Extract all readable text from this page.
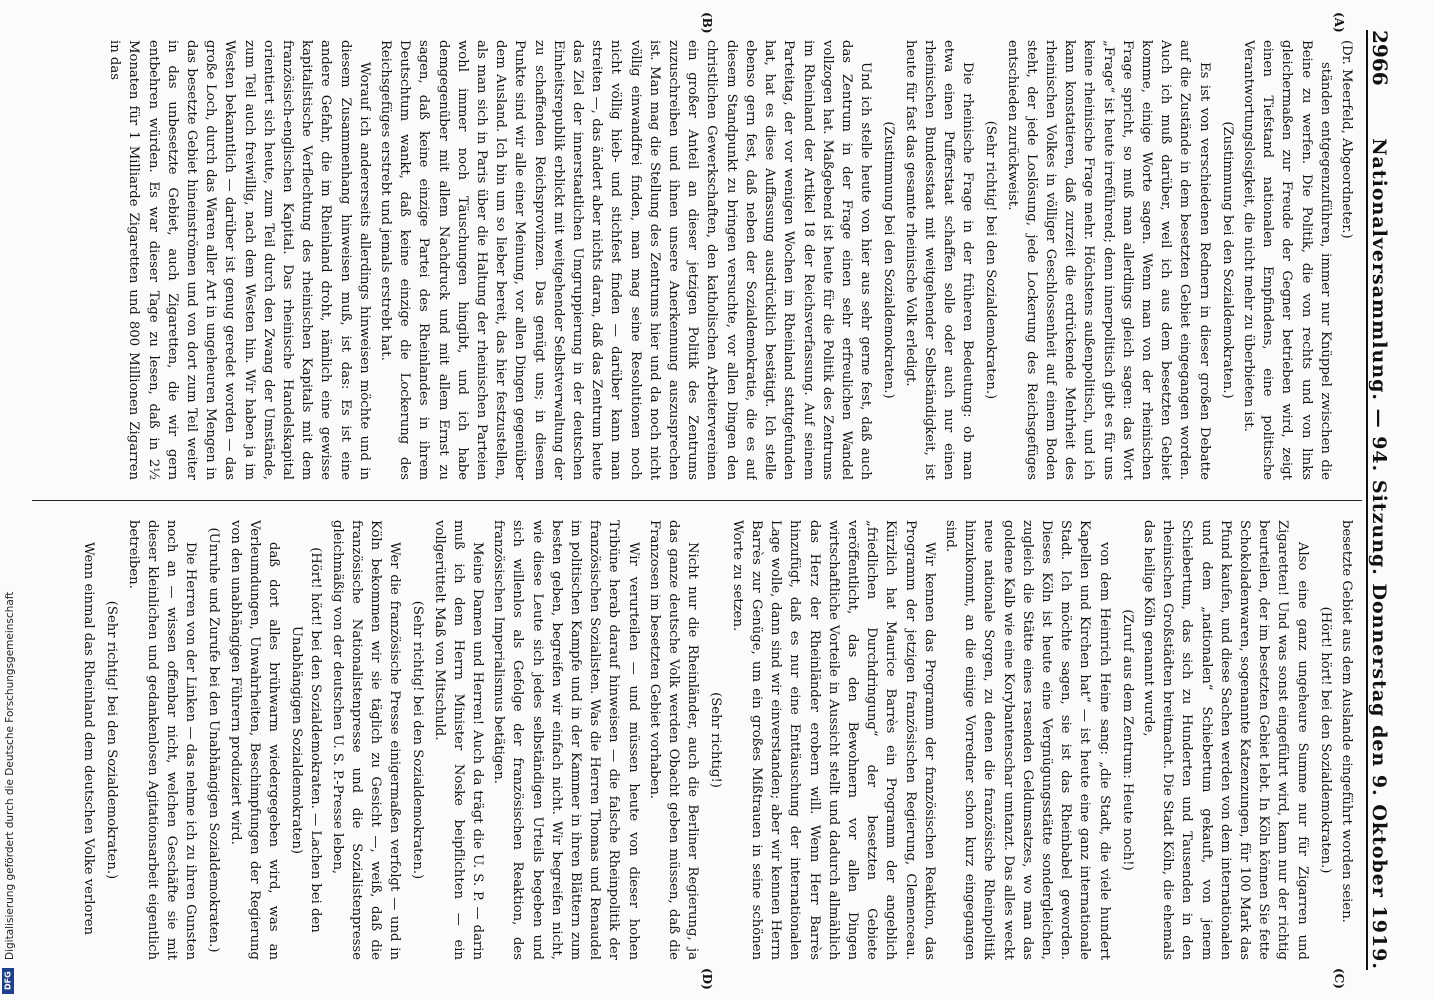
2966
Nationalversammlung. — 94. Sitzung. Donnerstag den 9. Oktober 1919.
(A)
(B)
(C)
(D)

(Dr. Meerfeld, Abgeordneter.)

ständen entgegenzuführen, immer nur Knüppel zwischen die Beine zu werfen. Die Politik, die von rechts und von links gleichermaßen zur Freude der Gegner betrieben wird, zeigt einen Tiefstand nationalen Empfindens, eine politische Verantwortungslosigkeit, die nicht mehr zu überbieten ist.

(Zustimmung bei den Sozialdemokraten.)

Es ist von verschiedenen Rednern in dieser großen Debatte auf die Zustände in dem besetzten Gebiet eingegangen worden. Auch ich muß darüber, weil ich aus dem besetzten Gebiet komme, einige Worte sagen. Wenn man von der rheinischen Frage spricht, so muß man allerdings gleich sagen: das Wort „Frage“ ist heute irreführend; denn innerpolitisch gibt es für uns keine rheinische Frage mehr. Höchstens außenpolitisch, und ich kann konstatieren, daß zurzeit die erdrückende Mehrheit des rheinischen Volkes in völliger Geschlossenheit auf einem Boden steht, der jede Loslösung, jede Lockerung des Reichsgefüges entschieden zurückweist.

(Sehr richtig! bei den Sozialdemokraten.)

Die rheinische Frage in der früheren Bedeutung: ob man etwa einen Pufferstaat schaffen solle oder auch nur einen rheinischen Bundesstaat mit weitgehender Selbständigkeit, ist heute für fast das gesamte rheinische Volk erledigt.

(Zustimmung bei den Sozialdemokraten.)

Und ich stelle heute von hier aus sehr gerne fest, daß auch das Zentrum in der Frage einen sehr erfreulichen Wandel vollzogen hat. Maßgebend ist heute für die Politik des Zentrums im Rheinland der Artikel 18 der Reichsverfassung. Auf seinem Parteitag, der vor wenigen Wochen im Rheinland stattgefunden hat, hat es diese Auffassung ausdrücklich bestätigt. Ich stelle ebenso gern fest, daß neben der Sozialdemokratie, die es auf diesem Standpunkt zu bringen versuchte, vor allen Dingen den christlichen Gewerkschaften, den katholischen Arbeitervereinen ein großer Anteil an dieser jetzigen Politik des Zentrums zuzuschreiben und ihnen unsere Anerkennung auszusprechen ist. Man mag die Stellung des Zentrums hier und da noch nicht völlig einwandfrei finden, man mag seine Resolutionen noch nicht völlig hieb- und stichfest finden — darüber kann man streiten —, das ändert aber nichts daran, daß das Zentrum heute das Ziel der innerstaatlichen Umgruppierung in der deutschen Einheitsrepublik erblickt mit weitgehender Selbstverwaltung der zu schaffenden Reichsprovinzen. Das genügt uns; in diesem Punkte sind wir alle einer Meinung, vor allen Dingen gegenüber dem Ausland. Ich bin um so lieber bereit, das hier festzustellen, als man sich in Paris über die Haltung der rheinischen Parteien wohl immer noch Täuschungen hingibt, und ich habe demgegenüber mit allem Nachdruck und mit allem Ernst zu sagen, daß keine einzige Partei des Rheinlandes in ihrem Deutschtum wankt, daß keine einzige die Lockerung des Reichsgefüges erstrebt und jemals erstrebt hat.

Worauf ich andererseits allerdings hinweisen möchte und in diesem Zusammenhang hinweisen muß, ist das: Es ist eine andere Gefahr, die im Rheinland droht, nämlich eine gewisse kapitalistische Verflechtung des rheinischen Kapitals mit dem französisch-englischen Kapital. Das rheinische Handelskapital orientiert sich heute, zum Teil durch den Zwang der Umstände, zum Teil auch freiwillig, nach dem Westen hin. Wir haben ja im Westen bekanntlich — darüber ist genug geredet worden — das große Loch, durch das Waren aller Art in ungeheuren Mengen in das besetzte Gebiet hineinströmen und von dort zum Teil weiter in das unbesetzte Gebiet, auch Zigaretten, die wir gern entbehren würden. Es war dieser Tage zu lesen, daß in 2½ Monaten für 1 Milliarde Zigaretten und 800 Millionen Zigarren in das

besetzte Gebiet aus dem Auslande eingeführt worden seien.

(Hört! hört! bei den Sozialdemokraten.)

Also eine ganz ungeheure Summe nur für Zigarren und Zigaretten! Und was sonst eingeführt wird, kann nur der richtig beurteilen, der im besetzten Gebiet lebt. In Köln können Sie fette Schokoladenwaren, sogenannte Katzenzungen, für 100 Mark das Pfund kaufen, und diese Sachen werden von dem internationalen und dem „nationalen“ Schiebertum gekauft, von jenem Schiebertum, das sich zu Hunderten und Tausenden in den rheinischen Großstädten breitmacht. Die Stadt Köln, die ehemals das heilige Köln genannt wurde,

(Zuruf aus dem Zentrum: Heute noch!)

von dem Heinrich Heine sang: „die Stadt, die viele hundert Kapellen und Kirchen hat“ — ist heute eine ganz internationale Stadt. Ich möchte sagen, sie ist das Rheinbabel geworden. Dieses Köln ist heute eine Vergnügungsstätte sondergleichen, zugleich die Stätte eines rasenden Geldumsatzes, wo man das goldene Kalb wie eine Korybantenschar umtanzt. Das alles weckt neue nationale Sorgen, zu denen die französische Rheinpolitik hinzukommt, an die einige Vorredner schon kurz eingegangen sind.

Wir kennen das Programm der französischen Reaktion, das Programm der jetzigen französischen Regierung, Clemenceau. Kürzlich hat Maurice Barrès ein Programm der angeblich „friedlichen Durchdringung“ der besetzten Gebiete veröffentlicht, das den Bewohnern vor allen Dingen wirtschaftliche Vorteile in Aussicht stellt und dadurch allmählich das Herz der Rheinländer erobern will. Wenn Herr Barrès hinzufügt, daß es nur eine Enttäuschung der internationalen Lage wolle, dann sind wir einverstanden; aber wir kennen Herrn Barrès zur Genüge, um ein großes Mißtrauen in seine schönen Worte zu setzen.

(Sehr richtig!)

Nicht nur die Rheinländer, auch die Berliner Regierung, ja das ganze deutsche Volk werden Obacht geben müssen, daß die Franzosen im besetzten Gebiet vorhaben.

Wir verurteilen — und müssen heute von dieser hohen Tribüne herab darauf hinweisen — die falsche Rheinpolitik der französischen Sozialisten. Was die Herren Thomas und Renaudel im politischen Kampfe und in der Kammer in ihren Blättern zum besten geben, begreifen wir einfach nicht. Wir begreifen nicht, wie diese Leute sich jedes selbständigen Urteils begeben und sich willenlos als Gefolge der französischen Reaktion, des französischen Imperialismus betätigen.

Meine Damen und Herren! Auch da trägt die U. S. P. — darin muß ich dem Herrn Minister Noske beipflichten — ein vollgerüttelt Maß von Mitschuld.

(Sehr richtig! bei den Sozialdemokraten.)

Wer die französische Presse einigermaßen verfolgt — und in Köln bekommen wir sie täglich zu Gesicht —, weiß, daß die französische Nationalistenpresse und die Sozialistenpresse gleichmäßig von der deutschen U. S. P.-Presse leben,

(Hört! hört! bei den Sozialdemokraten. — Lachen bei den Unabhängigen Sozialdemokraten)

daß dort alles brühwarm wiedergegeben wird, was an Verleumdungen, Unwahrheiten, Beschimpfungen der Regierung von den unabhängigen Führern produziert wird.

(Unruhe und Zurufe bei den Unabhängigen Sozialdemokraten.)

Die Herren von der Linken — das nehme ich zu ihren Gunsten noch an — wissen offenbar nicht, welchen Geschäfte sie mit dieser kleinlichen und gedankenlosen Agitationsarbeit eigentlich betreiben.

(Sehr richtig! bei den Sozialdemokraten.)

Wenn einmal das Rheinland dem deutschen Volke verloren

Digitalisierung gefördert durch die Deutsche Forschungsgemeinschaft
DFG
